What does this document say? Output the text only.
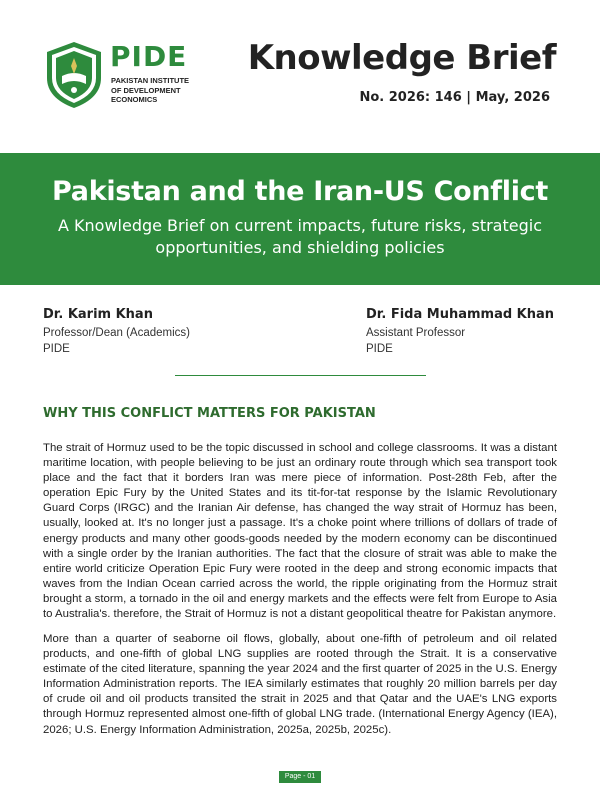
PIDE
PAKISTAN INSTITUTE
OF DEVELOPMENT
ECONOMICS
Knowledge Brief
No. 2026: 146 | May, 2026
Pakistan and the Iran-US Conflict
A Knowledge Brief on current impacts, future risks, strategic opportunities, and shielding policies
Dr. Karim Khan
Professor/Dean (Academics)
PIDE
Dr. Fida Muhammad Khan
Assistant Professor
PIDE
WHY THIS CONFLICT MATTERS FOR PAKISTAN
The strait of Hormuz used to be the topic discussed in school and college classrooms. It was a distant maritime location, with people believing to be just an ordinary route through which sea transport took place and the fact that it borders Iran was mere piece of information. Post-28th Feb, after the operation Epic Fury by the United States and its tit-for-tat response by the Islamic Revolutionary Guard Corps (IRGC) and the Iranian Air defense, has changed the way strait of Hormuz has been, usually, looked at. It's no longer just a passage. It's a choke point where trillions of dollars of trade of energy products and many other goods-goods needed by the modern economy can be discontinued with a single order by the Iranian authorities. The fact that the closure of strait was able to make the entire world criticize Operation Epic Fury were rooted in the deep and strong economic impacts that waves from the Indian Ocean carried across the world, the ripple originating from the Hormuz strait brought a storm, a tornado in the oil and energy markets and the effects were felt from Europe to Asia to Australia's. therefore, the Strait of Hormuz is not a distant geopolitical theatre for Pakistan anymore.
More than a quarter of seaborne oil flows, globally, about one-fifth of petroleum and oil related products, and one-fifth of global LNG supplies are rooted through the Strait. It is a conservative estimate of the cited literature, spanning the year 2024 and the first quarter of 2025 in the U.S. Energy Information Administration reports. The IEA similarly estimates that roughly 20 million barrels per day of crude oil and oil products transited the strait in 2025 and that Qatar and the UAE's LNG exports through Hormuz represented almost one-fifth of global LNG trade. (International Energy Agency (IEA), 2026; U.S. Energy Information Administration, 2025a, 2025b, 2025c).
Page - 01
